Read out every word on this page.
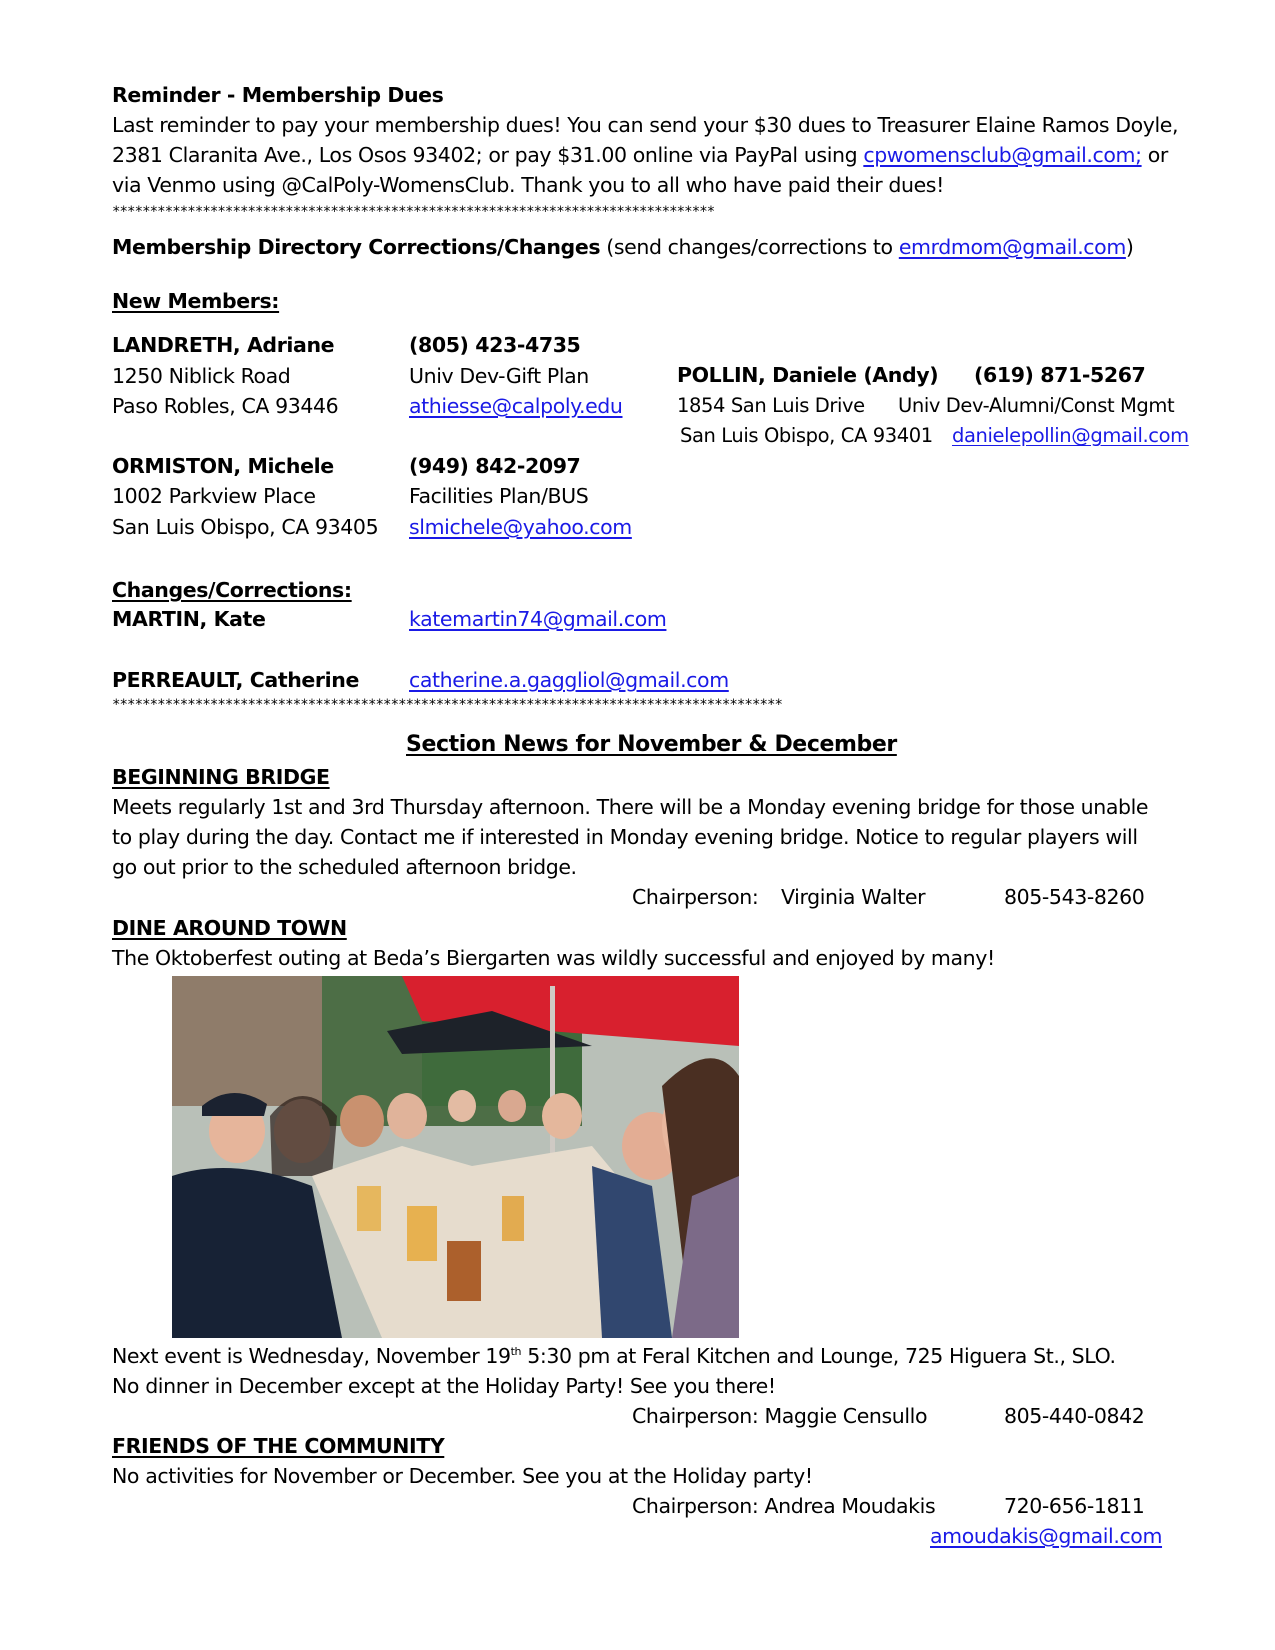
Reminder - Membership Dues
Last reminder to pay your membership dues! You can send your $30 dues to Treasurer Elaine Ramos Doyle,
2381 Claranita Ave., Los Osos 93402; or pay $31.00 online via PayPal using cpwomensclub@gmail.com; or
via Venmo using @CalPoly-WomensClub. Thank you to all who have paid their dues!
********************************************************************************
Membership Directory Corrections/Changes (send changes/corrections to emrdmom@gmail.com)
New Members:
LANDRETH, Adriane	(805) 423-4735
1250 Niblick Road	Univ Dev-Gift Plan
Paso Robles, CA 93446	athiesse@calpoly.edu
ORMISTON, Michele	(949) 842-2097
1002 Parkview Place	Facilities Plan/BUS
San Luis Obispo, CA 93405 slmichele@yahoo.com
POLLIN, Daniele (Andy) (619) 871-5267
1854 San Luis Drive Univ Dev-Alumni/Const Mgmt
San Luis Obispo, CA 93401 danielepollin@gmail.com
Changes/Corrections:
MARTIN, Kate	katemartin74@gmail.com
PERREAULT, Catherine catherine.a.gaggliol@gmail.com
*****************************************************************************************
Section News for November & December
BEGINNING BRIDGE
Meets regularly 1st and 3rd Thursday afternoon. There will be a Monday evening bridge for those unable
to play during the day. Contact me if interested in Monday evening bridge. Notice to regular players will
go out prior to the scheduled afternoon bridge.
Chairperson: Virginia Walter	805-543-8260
DINE AROUND TOWN
The Oktoberfest outing at Beda’s Biergarten was wildly successful and enjoyed by many!
Next event is Wednesday, November 19th 5:30 pm at Feral Kitchen and Lounge, 725 Higuera St., SLO.
No dinner in December except at the Holiday Party! See you there!
Chairperson: Maggie Censullo	805-440-0842
FRIENDS OF THE COMMUNITY
No activities for November or December. See you at the Holiday party!
Chairperson: Andrea Moudakis	720-656-1811
amoudakis@gmail.com
